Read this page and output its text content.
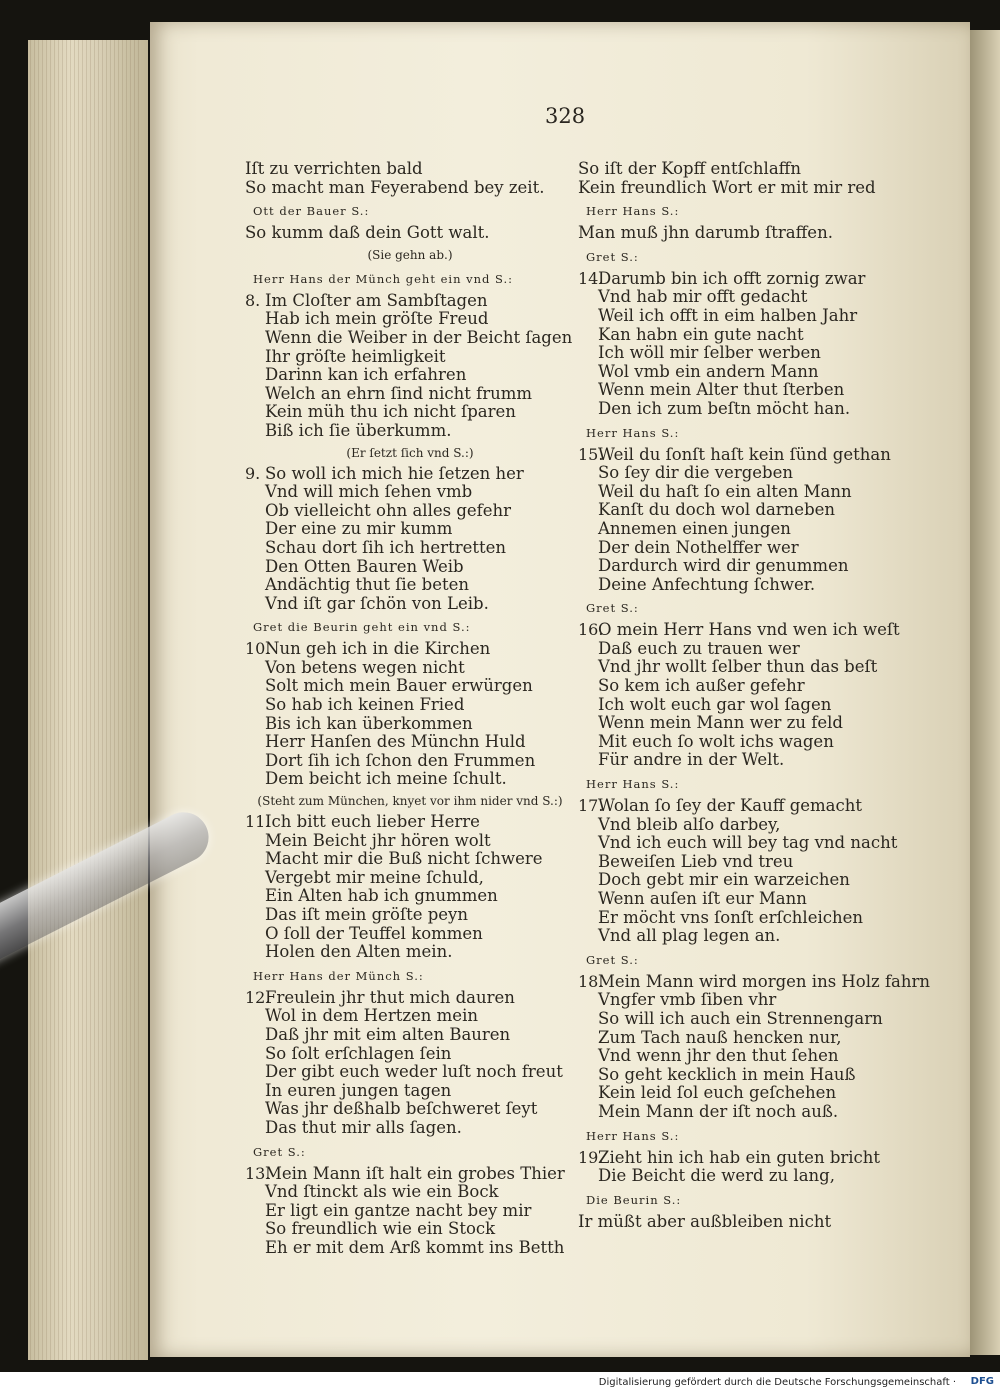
328
Iſt zu verrichten bald
So macht man Feyerabend bey zeit.
Ott der Bauer S.:
So kumm daß dein Gott walt.
(Sie gehn ab.)
Herr Hans der Münch geht ein vnd S.:
8. Im Cloſter am Sambſtagen
Hab ich mein gröſte Freud
Wenn die Weiber in der Beicht ſagen
Ihr gröſte heimligkeit
Darinn kan ich erfahren
Welch an ehrn ſind nicht frumm
Kein müh thu ich nicht ſparen
Biß ich ſie überkumm.
(Er ſetzt ſich vnd S.:)
9. So woll ich mich hie ſetzen her
Vnd will mich ſehen vmb
Ob vielleicht ohn alles gefehr
Der eine zu mir kumm
Schau dort ſih ich hertretten
Den Otten Bauren Weib
Andächtig thut ſie beten
Vnd iſt gar ſchön von Leib.
Gret die Beurin geht ein vnd S.:
10.Nun geh ich in die Kirchen
Von betens wegen nicht
Solt mich mein Bauer erwürgen
So hab ich keinen Fried
Bis ich kan überkommen
Herr Hanſen des Münchn Huld
Dort ſih ich ſchon den Frummen
Dem beicht ich meine ſchult.
(Steht zum München, knyet vor ihm nider vnd S.:)
11.Ich bitt euch lieber Herre
Mein Beicht jhr hören wolt
Macht mir die Buß nicht ſchwere
Vergebt mir meine ſchuld,
Ein Alten hab ich gnummen
Das iſt mein gröſte peyn
O ſoll der Teuffel kommen
Holen den Alten mein.
Herr Hans der Münch S.:
12.Freulein jhr thut mich dauren
Wol in dem Hertzen mein
Daß jhr mit eim alten Bauren
So ſolt erſchlagen ſein
Der gibt euch weder luſt noch freut
In euren jungen tagen
Was jhr deßhalb beſchweret ſeyt
Das thut mir alls ſagen.
Gret S.:
13.Mein Mann iſt halt ein grobes Thier
Vnd ſtinckt als wie ein Bock
Er ligt ein gantze nacht bey mir
So freundlich wie ein Stock
Eh er mit dem Arß kommt ins Betth
So iſt der Kopff entſchlaffn
Kein freundlich Wort er mit mir red
Herr Hans S.:
Man muß jhn darumb ſtraffen.
Gret S.:
14.Darumb bin ich offt zornig zwar
Vnd hab mir offt gedacht
Weil ich offt in eim halben Jahr
Kan habn ein gute nacht
Ich wöll mir ſelber werben
Wol vmb ein andern Mann
Wenn mein Alter thut ſterben
Den ich zum beſtn möcht han.
Herr Hans S.:
15.Weil du ſonſt haſt kein ſünd gethan
So ſey dir die vergeben
Weil du haſt ſo ein alten Mann
Kanſt du doch wol darneben
Annemen einen jungen
Der dein Nothelffer wer
Dardurch wird dir genummen
Deine Anfechtung ſchwer.
Gret S.:
16.O mein Herr Hans vnd wen ich weſt
Daß euch zu trauen wer
Vnd jhr wollt ſelber thun das beſt
So kem ich außer gefehr
Ich wolt euch gar wol ſagen
Wenn mein Mann wer zu feld
Mit euch ſo wolt ichs wagen
Für andre in der Welt.
Herr Hans S.:
17.Wolan ſo ſey der Kauff gemacht
Vnd bleib alſo darbey,
Vnd ich euch will bey tag vnd nacht
Beweiſen Lieb vnd treu
Doch gebt mir ein warzeichen
Wenn auſen iſt eur Mann
Er möcht vns ſonſt erſchleichen
Vnd all plag legen an.
Gret S.:
18.Mein Mann wird morgen ins Holz fahrn
Vngfer vmb ſiben vhr
So will ich auch ein Strennengarn
Zum Tach nauß hencken nur,
Vnd wenn jhr den thut ſehen
So geht kecklich in mein Hauß
Kein leid ſol euch geſchehen
Mein Mann der iſt noch auß.
Herr Hans S.:
19.Zieht hin ich hab ein guten bricht
Die Beicht die werd zu lang,
Die Beurin S.:
Ir müßt aber außbleiben nicht
Digitalisierung gefördert durch die Deutsche Forschungsgemeinschaft · DFG
